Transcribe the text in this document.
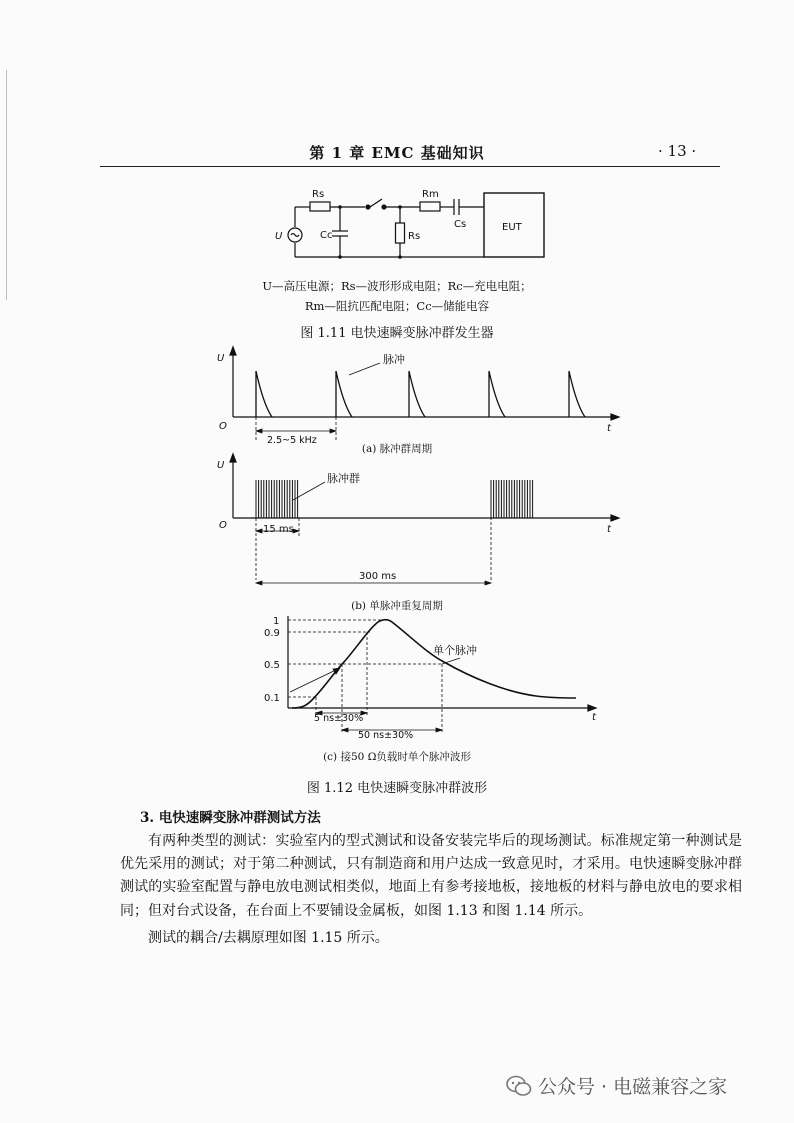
第 1 章 EMC 基础知识	· 13 ·
Rs	Rm
Cc
Cs
Rs
U
EUT
U—高压电源；Rs—波形形成电阻；Rc—充电电阻；
Rm—阻抗匹配电阻；Cc—储能电容
图 1.11 电快速瞬变脉冲群发生器
U
O	t
脉冲
2.5~5 kHz
(a) 脉冲群周期
U
O	t
脉冲群
15 ms
300 ms
(b) 单脉冲重复周期
1
0.9
0.5
0.1
t
单个脉冲
5 ns±30%
50 ns±30%
(c) 接50 Ω负载时单个脉冲波形
图 1.12 电快速瞬变脉冲群波形
3. 电快速瞬变脉冲群测试方法

有两种类型的测试：实验室内的型式测试和设备安装完毕后的现场测试。标准规定第一种测试是优先采用的测试；对于第二种测试，只有制造商和用户达成一致意见时，才采用。电快速瞬变脉冲群测试的实验室配置与静电放电测试相类似，地面上有参考接地板，接地板的材料与静电放电的要求相同；但对台式设备，在台面上不要铺设金属板，如图 1.13 和图 1.14 所示。

测试的耦合/去耦原理如图 1.15 所示。

公众号 · 电磁兼容之家
